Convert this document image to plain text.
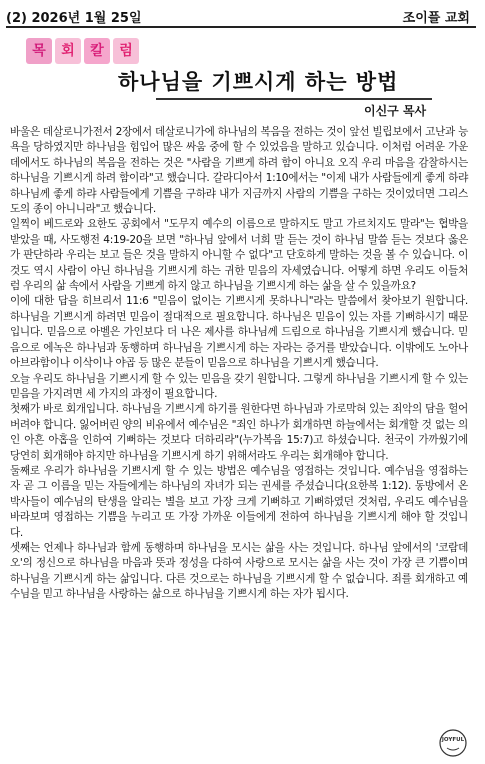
(2) 2026년 1월 25일	조이플 교회
목	회	칼	럼
하나님을 기쁘시게 하는 방법
이신구 목사

바울은 데살로니가전서 2장에서 데살로니가에 하나님의 복음을 전하는 것이 앞선 빌립보에서 고난과 능욕을 당하였지만 하나님을 힘입어 많은 싸움 중에 할 수 있었음을 말하고 있습니다. 이처럼 어려운 가운데에서도 하나님의 복음을 전하는 것은 "사람을 기쁘게 하려 함이 아니요 오직 우리 마음을 감찰하시는 하나님을 기쁘시게 하려 함이라"고 했습니다. 갈라디아서 1:10에서는 "이제 내가 사람들에게 좋게 하랴 하나님께 좋게 하랴 사람들에게 기쁨을 구하랴 내가 지금까지 사람의 기쁨을 구하는 것이었더면 그리스도의 종이 아니니라"고 했습니다.

일찍이 베드로와 요한도 공회에서 "도무지 예수의 이름으로 말하지도 말고 가르치지도 말라"는 협박을 받았을 때, 사도행전 4:19-20을 보면 "하나님 앞에서 너희 말 듣는 것이 하나님 말씀 듣는 것보다 옳은가 판단하라 우리는 보고 들은 것을 말하지 아니할 수 없다"고 단호하게 말하는 것을 볼 수 있습니다. 이것도 역시 사람이 아닌 하나님을 기쁘시게 하는 귀한 믿음의 자세였습니다. 어떻게 하면 우리도 이들처럼 우리의 삶 속에서 사람을 기쁘게 하지 않고 하나님을 기쁘시게 하는 삶을 살 수 있을까요?

이에 대한 답을 히브리서 11:6 "믿음이 없이는 기쁘시게 못하나니"라는 말씀에서 찾아보기 원합니다. 하나님을 기쁘시게 하려면 믿음이 절대적으로 필요합니다. 하나님은 믿음이 있는 자를 기뻐하시기 때문입니다. 믿음으로 아벨은 가인보다 더 나은 제사를 하나님께 드림으로 하나님을 기쁘시게 했습니다. 믿음으로 에녹은 하나님과 동행하며 하나님을 기쁘시게 하는 자라는 증거를 받았습니다. 이밖에도 노아나 아브라함이나 이삭이나 야곱 등 많은 분들이 믿음으로 하나님을 기쁘시게 했습니다.

오늘 우리도 하나님을 기쁘시게 할 수 있는 믿음을 갖기 원합니다. 그렇게 하나님을 기쁘시게 할 수 있는 믿음을 가지려면 세 가지의 과정이 필요합니다.

첫째가 바로 회개입니다. 하나님을 기쁘시게 하기를 원한다면 하나님과 가로막혀 있는 죄악의 담을 헐어버려야 합니다. 잃어버린 양의 비유에서 예수님은 "죄인 하나가 회개하면 하늘에서는 회개할 것 없는 의인 아흔 아홉을 인하여 기뻐하는 것보다 더하리라"(누가복음 15:7)고 하셨습니다. 천국이 가까웠기에 당연히 회개해야 하지만 하나님을 기쁘시게 하기 위해서라도 우리는 회개해야 합니다.

둘째로 우리가 하나님을 기쁘시게 할 수 있는 방법은 예수님을 영접하는 것입니다. 예수님을 영접하는 자 곧 그 이름을 믿는 자들에게는 하나님의 자녀가 되는 권세를 주셨습니다(요한복 1:12). 동방에서 온 박사들이 예수님의 탄생을 알리는 별을 보고 가장 크게 기뻐하고 기뻐하였던 것처럼, 우리도 예수님을 바라보며 영접하는 기쁨을 누리고 또 가장 가까운 이들에게 전하여 하나님을 기쁘시게 해야 할 것입니다.

셋째는 언제나 하나님과 함께 동행하며 하나님을 모시는 삶을 사는 것입니다. 하나님 앞에서의 '코람데오'의 정신으로 하나님을 마음과 뜻과 정성을 다하여 사랑으로 모시는 삶을 사는 것이 가장 큰 기쁨이며 하나님을 기쁘시게 하는 삶입니다. 다른 것으로는 하나님을 기쁘시게 할 수 없습니다. 죄를 회개하고 예수님을 믿고 하나님을 사랑하는 삶으로 하나님을 기쁘시게 하는 자가 됩시다.

JOYFUL
